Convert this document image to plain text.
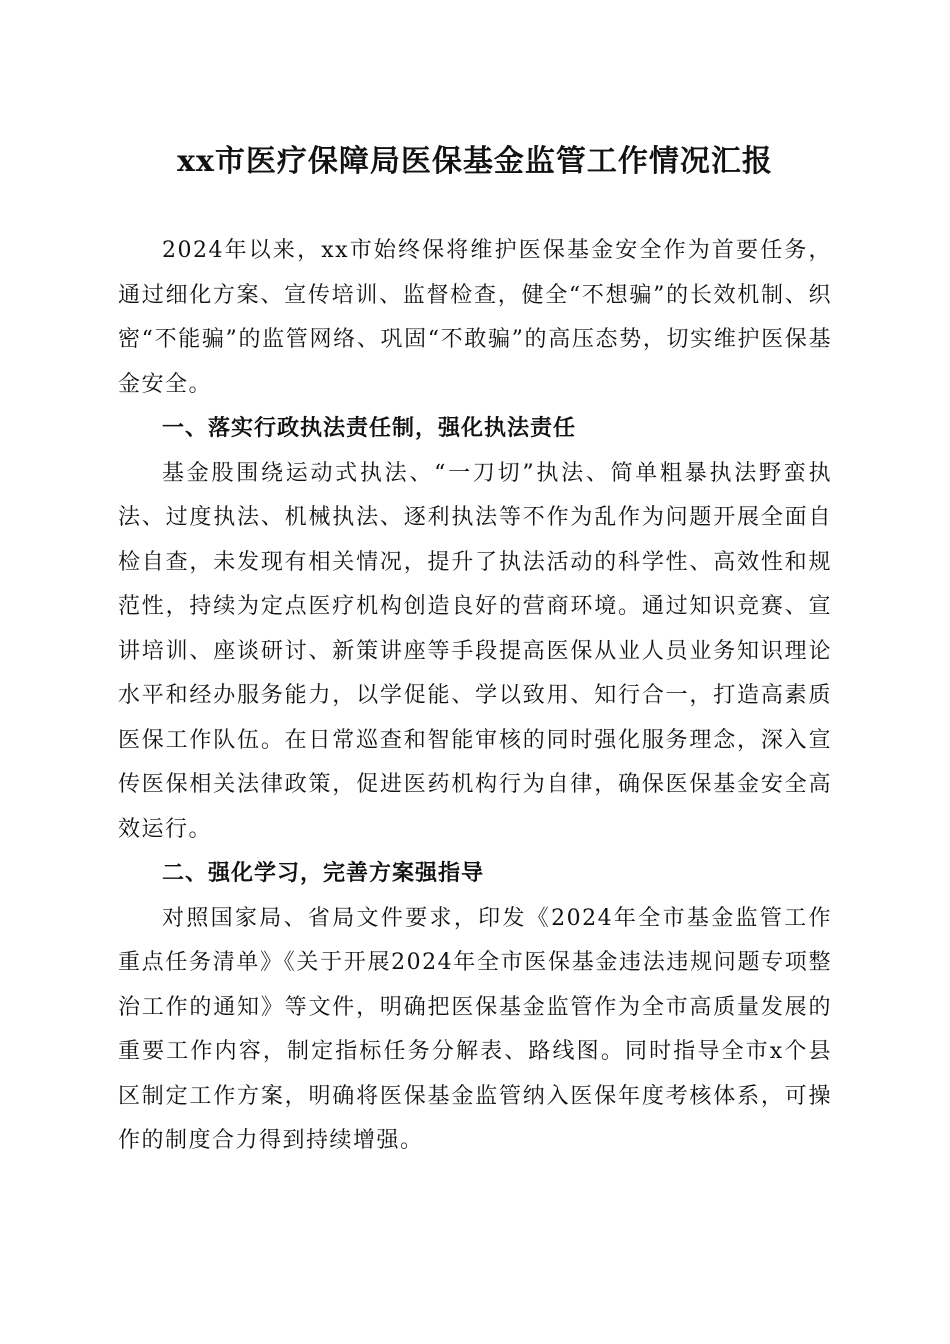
xx市医疗保障局医保基金监管工作情况汇报

2024年以来，xx市始终保将维护医保基金安全作为首要任务，通过细化方案、宣传培训、监督检查，健全“不想骗”的长效机制、织密“不能骗”的监管网络、巩固“不敢骗”的高压态势，切实维护医保基金安全。

一、落实行政执法责任制，强化执法责任

基金股围绕运动式执法、“一刀切”执法、简单粗暴执法野蛮执法、过度执法、机械执法、逐利执法等不作为乱作为问题开展全面自检自查，未发现有相关情况，提升了执法活动的科学性、高效性和规范性，持续为定点医疗机构创造良好的营商环境。通过知识竞赛、宣讲培训、座谈研讨、新策讲座等手段提高医保从业人员业务知识理论水平和经办服务能力，以学促能、学以致用、知行合一，打造高素质医保工作队伍。在日常巡查和智能审核的同时强化服务理念，深入宣传医保相关法律政策，促进医药机构行为自律，确保医保基金安全高效运行。

二、强化学习，完善方案强指导

对照国家局、省局文件要求，印发《2024年全市基金监管工作重点任务清单》《关于开展2024年全市医保基金违法违规问题专项整治工作的通知》等文件，明确把医保基金监管作为全市高质量发展的重要工作内容，制定指标任务分解表、路线图。同时指导全市x个县区制定工作方案，明确将医保基金监管纳入医保年度考核体系，可操作的制度合力得到持续增强。
